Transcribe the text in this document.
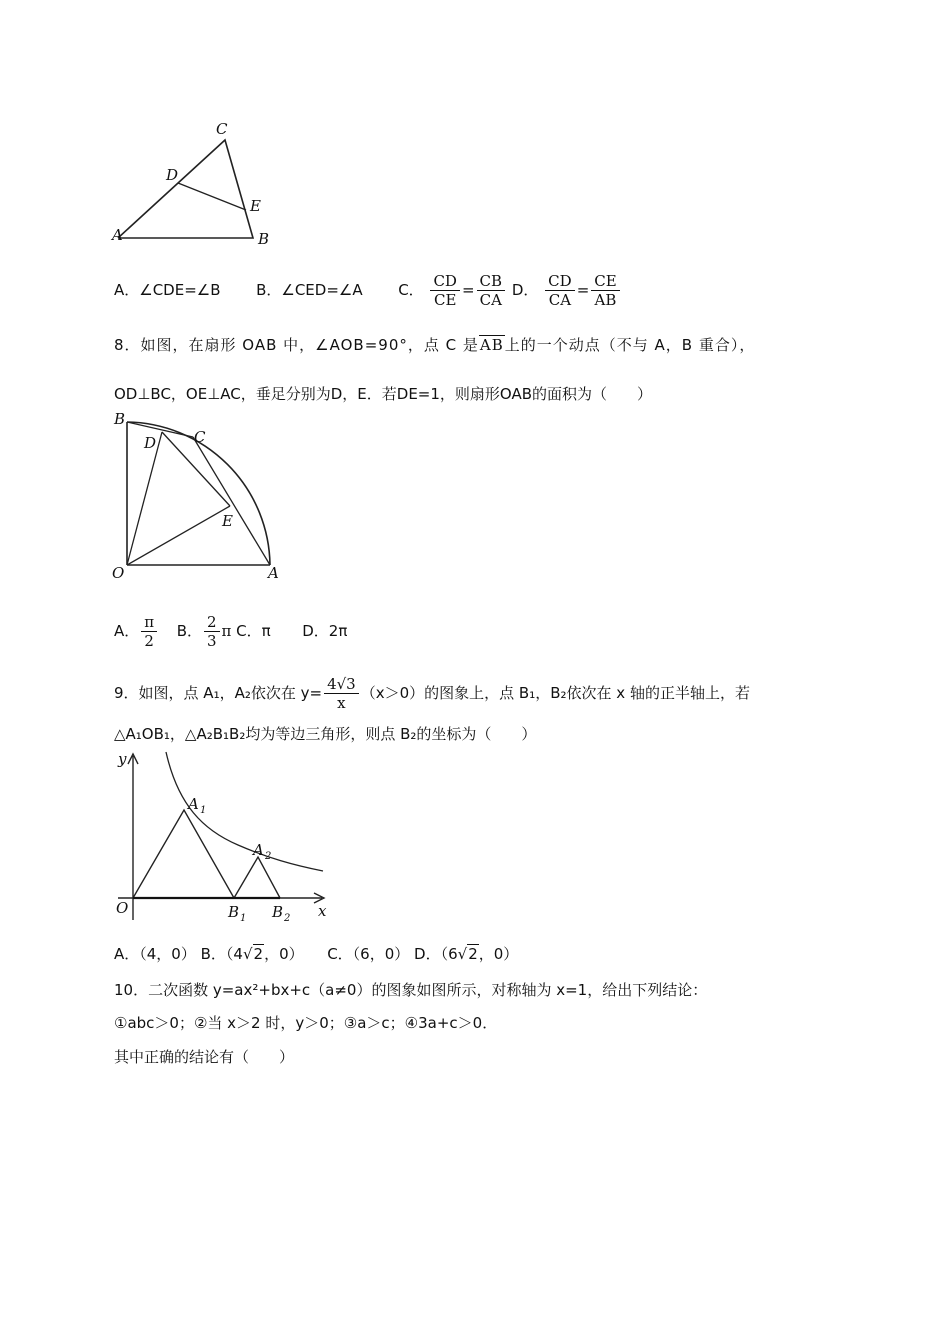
C
D
E
A	B
A．∠CDE=∠B B．∠CED=∠A C． $\frac{CD}{CE} = \frac{CB}{CA}$ D． $\frac{CD}{CA} = \frac{CE}{AB}$
8．如图，在扇形 OAB 中，∠AOB=90°，点 C 是AB上的一个动点（不与 A，B 重合），
OD⊥BC，OE⊥AC，垂足分别为D，E．若DE=1，则扇形OAB的面积为（　　）
B
D	C
E
O	A
A． $\frac{\pi}{2}$ B． $\frac{2}{3}$ π C．π D．2π
9．如图，点 A₁，A₂依次在 $y= \frac{4√3}{x} (x>0)$的图象上，点 B₁，B₂依次在 x 轴的正半轴上，若
△A₁OB₁，△A₂B₁B₂均为等边三角形，则点 B₂的坐标为（　　）
y
x
O
A 1
A 2
B 1 B 2
A．（4，0） B．（4√2，0） C．（6，0） D．（6√2，0）
10．二次函数 y=ax²+bx+c（a≠0）的图象如图所示，对称轴为 x=1，给出下列结论：
①abc＞0；②当 x＞2 时，y＞0；③a＞c；④3a+c＞0．
其中正确的结论有（　　）
